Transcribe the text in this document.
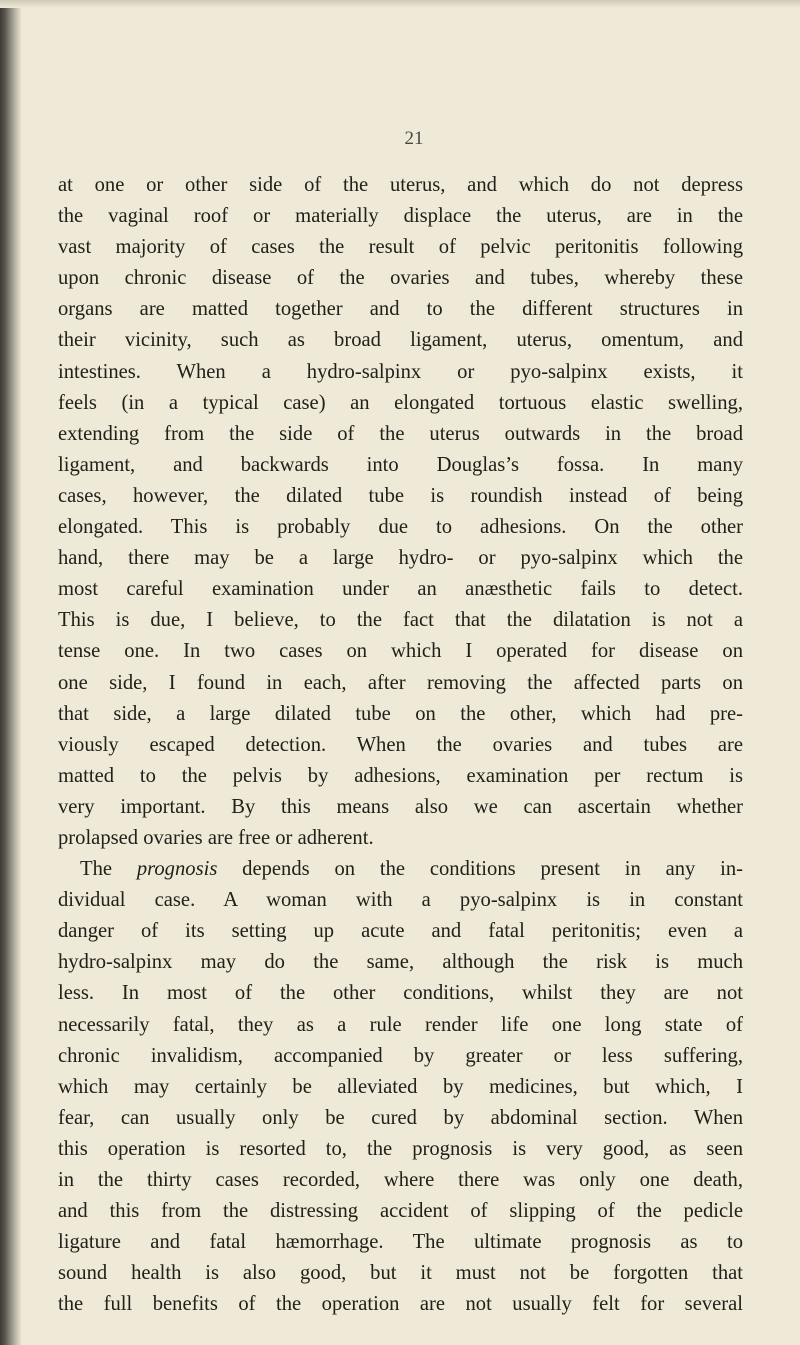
21
at one or other side of the uterus, and which do not depress
the vaginal roof or materially displace the uterus, are in the
vast majority of cases the result of pelvic peritonitis following
upon chronic disease of the ovaries and tubes, whereby these
organs are matted together and to the different structures in
their vicinity, such as broad ligament, uterus, omentum, and
intestines. When a hydro-salpinx or pyo-salpinx exists, it
feels (in a typical case) an elongated tortuous elastic swelling,
extending from the side of the uterus outwards in the broad
ligament, and backwards into Douglas’s fossa. In many
cases, however, the dilated tube is roundish instead of being
elongated. This is probably due to adhesions. On the other
hand, there may be a large hydro- or pyo-salpinx which the
most careful examination under an anæsthetic fails to detect.
This is due, I believe, to the fact that the dilatation is not a
tense one. In two cases on which I operated for disease on
one side, I found in each, after removing the affected parts on
that side, a large dilated tube on the other, which had pre-
viously escaped detection. When the ovaries and tubes are
matted to the pelvis by adhesions, examination per rectum is
very important. By this means also we can ascertain whether
prolapsed ovaries are free or adherent.
The prognosis depends on the conditions present in any in-
dividual case. A woman with a pyo-salpinx is in constant
danger of its setting up acute and fatal peritonitis; even a
hydro-salpinx may do the same, although the risk is much
less. In most of the other conditions, whilst they are not
necessarily fatal, they as a rule render life one long state of
chronic invalidism, accompanied by greater or less suffering,
which may certainly be alleviated by medicines, but which, I
fear, can usually only be cured by abdominal section. When
this operation is resorted to, the prognosis is very good, as seen
in the thirty cases recorded, where there was only one death,
and this from the distressing accident of slipping of the pedicle
ligature and fatal hæmorrhage. The ultimate prognosis as to
sound health is also good, but it must not be forgotten that
the full benefits of the operation are not usually felt for several
